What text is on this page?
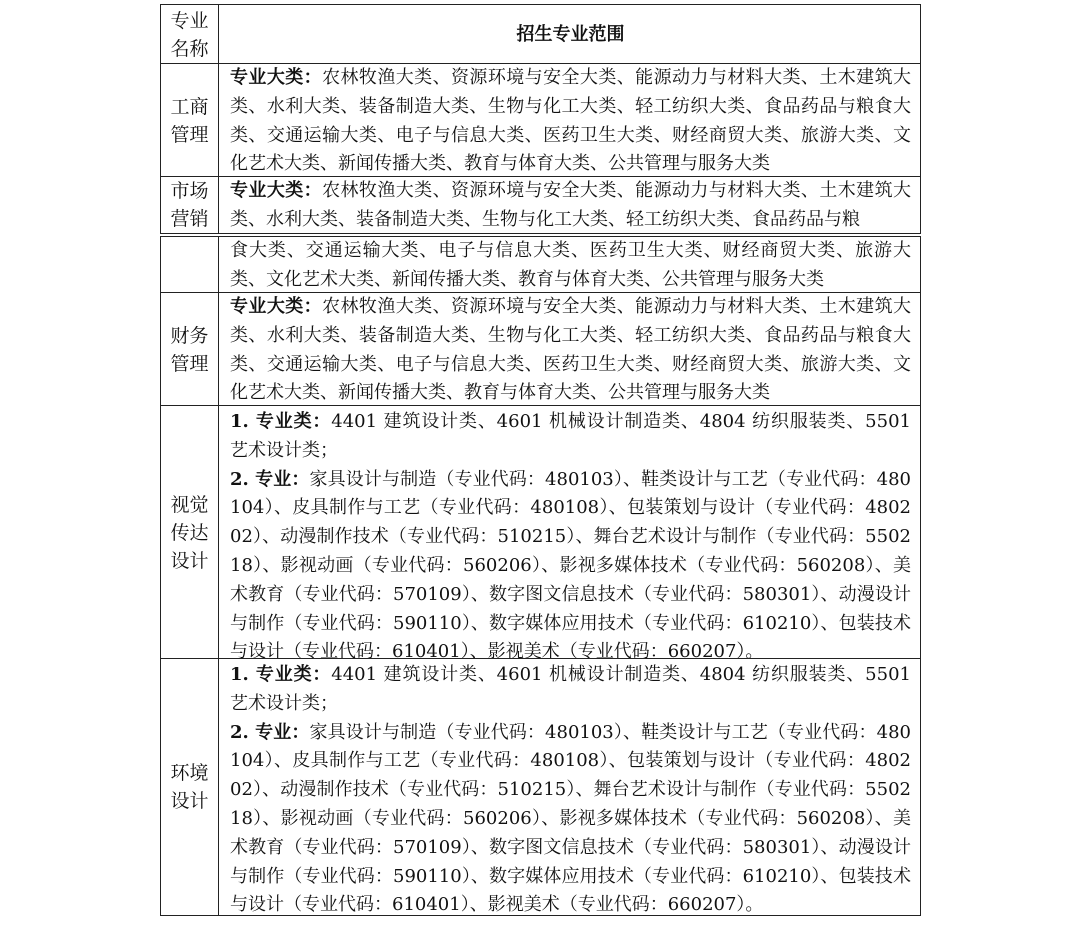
专业
名称
招生专业范围
工商
管理
专业大类：农林牧渔大类、资源环境与安全大类、能源动力与材料大类、土木建筑大类、水利大类、装备制造大类、生物与化工大类、轻工纺织大类、食品药品与粮食大类、交通运输大类、电子与信息大类、医药卫生大类、财经商贸大类、旅游大类、文化艺术大类、新闻传播大类、教育与体育大类、公共管理与服务大类
市场
营销
专业大类：农林牧渔大类、资源环境与安全大类、能源动力与材料大类、土木建筑大类、水利大类、装备制造大类、生物与化工大类、轻工纺织大类、食品药品与粮
食大类、交通运输大类、电子与信息大类、医药卫生大类、财经商贸大类、旅游大类、文化艺术大类、新闻传播大类、教育与体育大类、公共管理与服务大类
财务
管理
专业大类：农林牧渔大类、资源环境与安全大类、能源动力与材料大类、土木建筑大类、水利大类、装备制造大类、生物与化工大类、轻工纺织大类、食品药品与粮食大类、交通运输大类、电子与信息大类、医药卫生大类、财经商贸大类、旅游大类、文化艺术大类、新闻传播大类、教育与体育大类、公共管理与服务大类
视觉
传达
设计
1. 专业类：4401 建筑设计类、4601 机械设计制造类、4804 纺织服装类、5501 艺术设计类；
2. 专业：家具设计与制造（专业代码：480103）、鞋类设计与工艺（专业代码：480104）、皮具制作与工艺（专业代码：480108）、包装策划与设计（专业代码：480202）、动漫制作技术（专业代码：510215）、舞台艺术设计与制作（专业代码：550218）、影视动画（专业代码：560206）、影视多媒体技术（专业代码：560208）、美术教育（专业代码：570109）、数字图文信息技术（专业代码：580301）、动漫设计与制作（专业代码：590110）、数字媒体应用技术（专业代码：610210）、包装技术与设计（专业代码：610401）、影视美术（专业代码：660207）。
环境
设计
1. 专业类：4401 建筑设计类、4601 机械设计制造类、4804 纺织服装类、5501 艺术设计类；
2. 专业：家具设计与制造（专业代码：480103）、鞋类设计与工艺（专业代码：480104）、皮具制作与工艺（专业代码：480108）、包装策划与设计（专业代码：480202）、动漫制作技术（专业代码：510215）、舞台艺术设计与制作（专业代码：550218）、影视动画（专业代码：560206）、影视多媒体技术（专业代码：560208）、美术教育（专业代码：570109）、数字图文信息技术（专业代码：580301）、动漫设计与制作（专业代码：590110）、数字媒体应用技术（专业代码：610210）、包装技术与设计（专业代码：610401）、影视美术（专业代码：660207）。
